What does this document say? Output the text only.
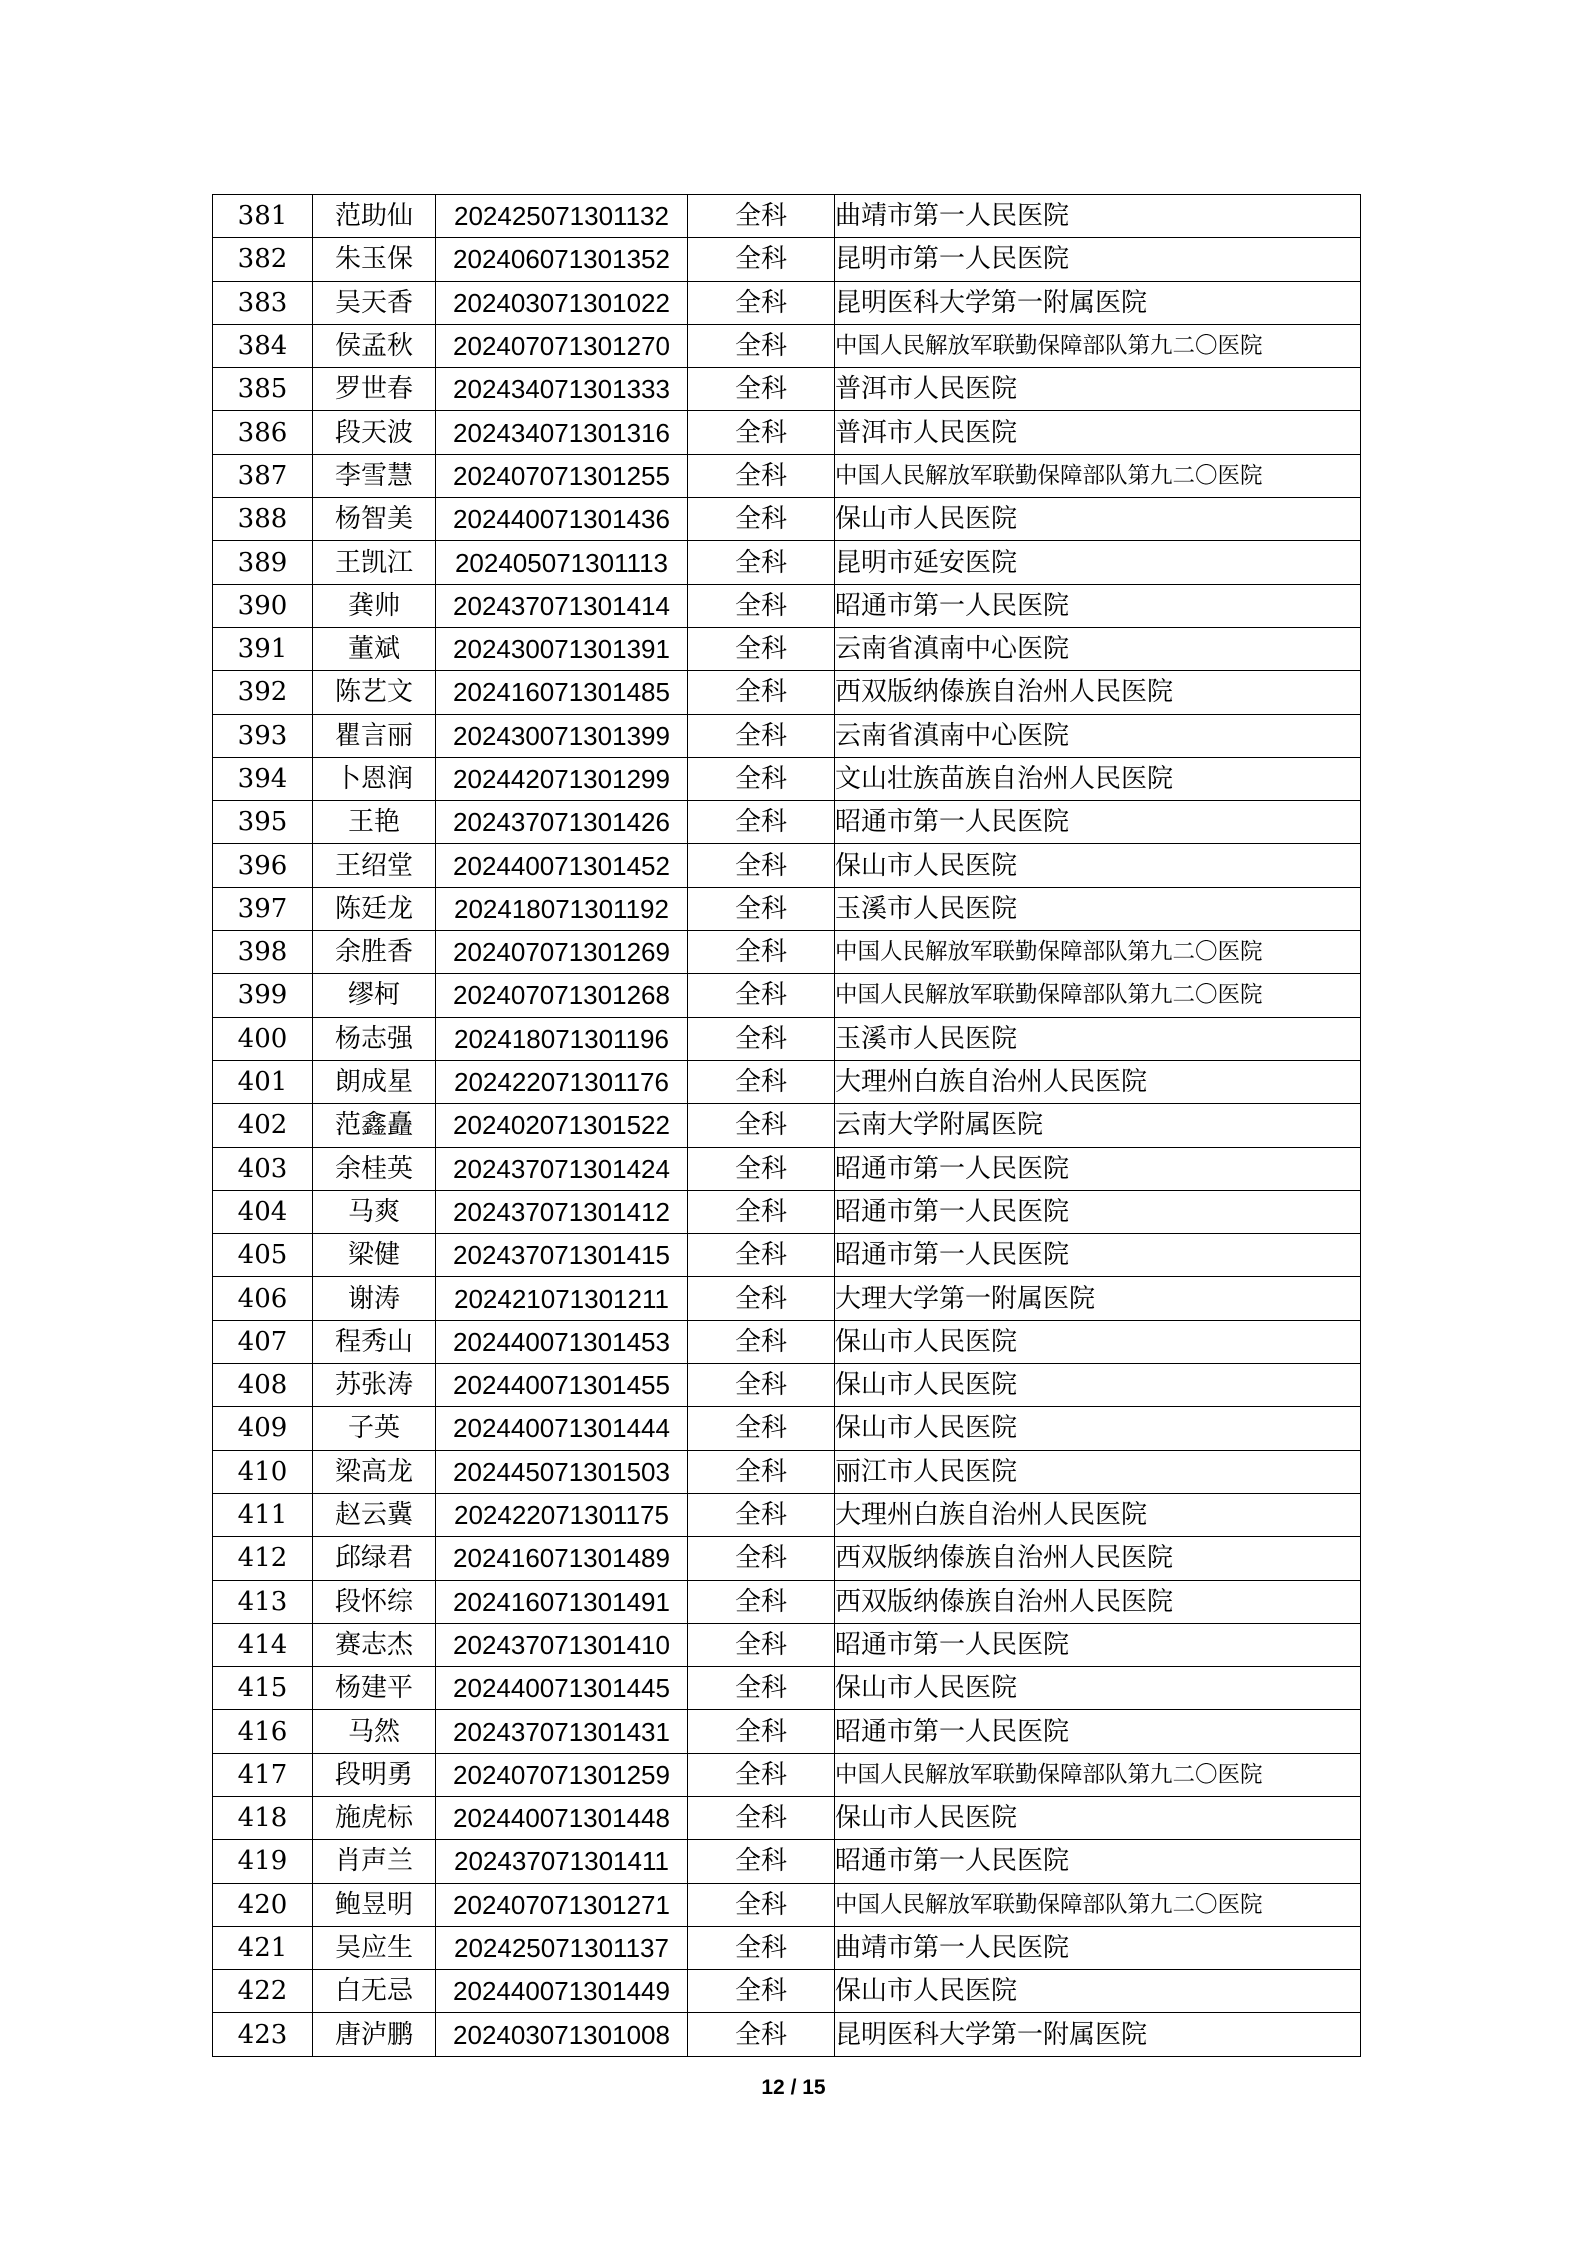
381	范助仙	202425071301132	全科	曲靖市第一人民医院
382	朱玉保	202406071301352	全科	昆明市第一人民医院
383	吴天香	202403071301022	全科	昆明医科大学第一附属医院
384	侯孟秋	202407071301270	全科	中国人民解放军联勤保障部队第九二〇医院
385	罗世春	202434071301333	全科	普洱市人民医院
386	段天波	202434071301316	全科	普洱市人民医院
387	李雪慧	202407071301255	全科	中国人民解放军联勤保障部队第九二〇医院
388	杨智美	202440071301436	全科	保山市人民医院
389	王凯江	202405071301113	全科	昆明市延安医院
390	龚帅	202437071301414	全科	昭通市第一人民医院
391	董斌	202430071301391	全科	云南省滇南中心医院
392	陈艺文	202416071301485	全科	西双版纳傣族自治州人民医院
393	瞿言丽	202430071301399	全科	云南省滇南中心医院
394	卜恩润	202442071301299	全科	文山壮族苗族自治州人民医院
395	王艳	202437071301426	全科	昭通市第一人民医院
396	王绍堂	202440071301452	全科	保山市人民医院
397	陈廷龙	202418071301192	全科	玉溪市人民医院
398	余胜香	202407071301269	全科	中国人民解放军联勤保障部队第九二〇医院
399	缪柯	202407071301268	全科	中国人民解放军联勤保障部队第九二〇医院
400	杨志强	202418071301196	全科	玉溪市人民医院
401	朗成星	202422071301176	全科	大理州白族自治州人民医院
402	范鑫矗	202402071301522	全科	云南大学附属医院
403	余桂英	202437071301424	全科	昭通市第一人民医院
404	马爽	202437071301412	全科	昭通市第一人民医院
405	梁健	202437071301415	全科	昭通市第一人民医院
406	谢涛	202421071301211	全科	大理大学第一附属医院
407	程秀山	202440071301453	全科	保山市人民医院
408	苏张涛	202440071301455	全科	保山市人民医院
409	子英	202440071301444	全科	保山市人民医院
410	梁高龙	202445071301503	全科	丽江市人民医院
411	赵云冀	202422071301175	全科	大理州白族自治州人民医院
412	邱绿君	202416071301489	全科	西双版纳傣族自治州人民医院
413	段怀综	202416071301491	全科	西双版纳傣族自治州人民医院
414	赛志杰	202437071301410	全科	昭通市第一人民医院
415	杨建平	202440071301445	全科	保山市人民医院
416	马然	202437071301431	全科	昭通市第一人民医院
417	段明勇	202407071301259	全科	中国人民解放军联勤保障部队第九二〇医院
418	施虎标	202440071301448	全科	保山市人民医院
419	肖声兰	202437071301411	全科	昭通市第一人民医院
420	鲍昱明	202407071301271	全科	中国人民解放军联勤保障部队第九二〇医院
421	吴应生	202425071301137	全科	曲靖市第一人民医院
422	白无忌	202440071301449	全科	保山市人民医院
423	唐泸鹏	202403071301008	全科	昆明医科大学第一附属医院
12 / 15
